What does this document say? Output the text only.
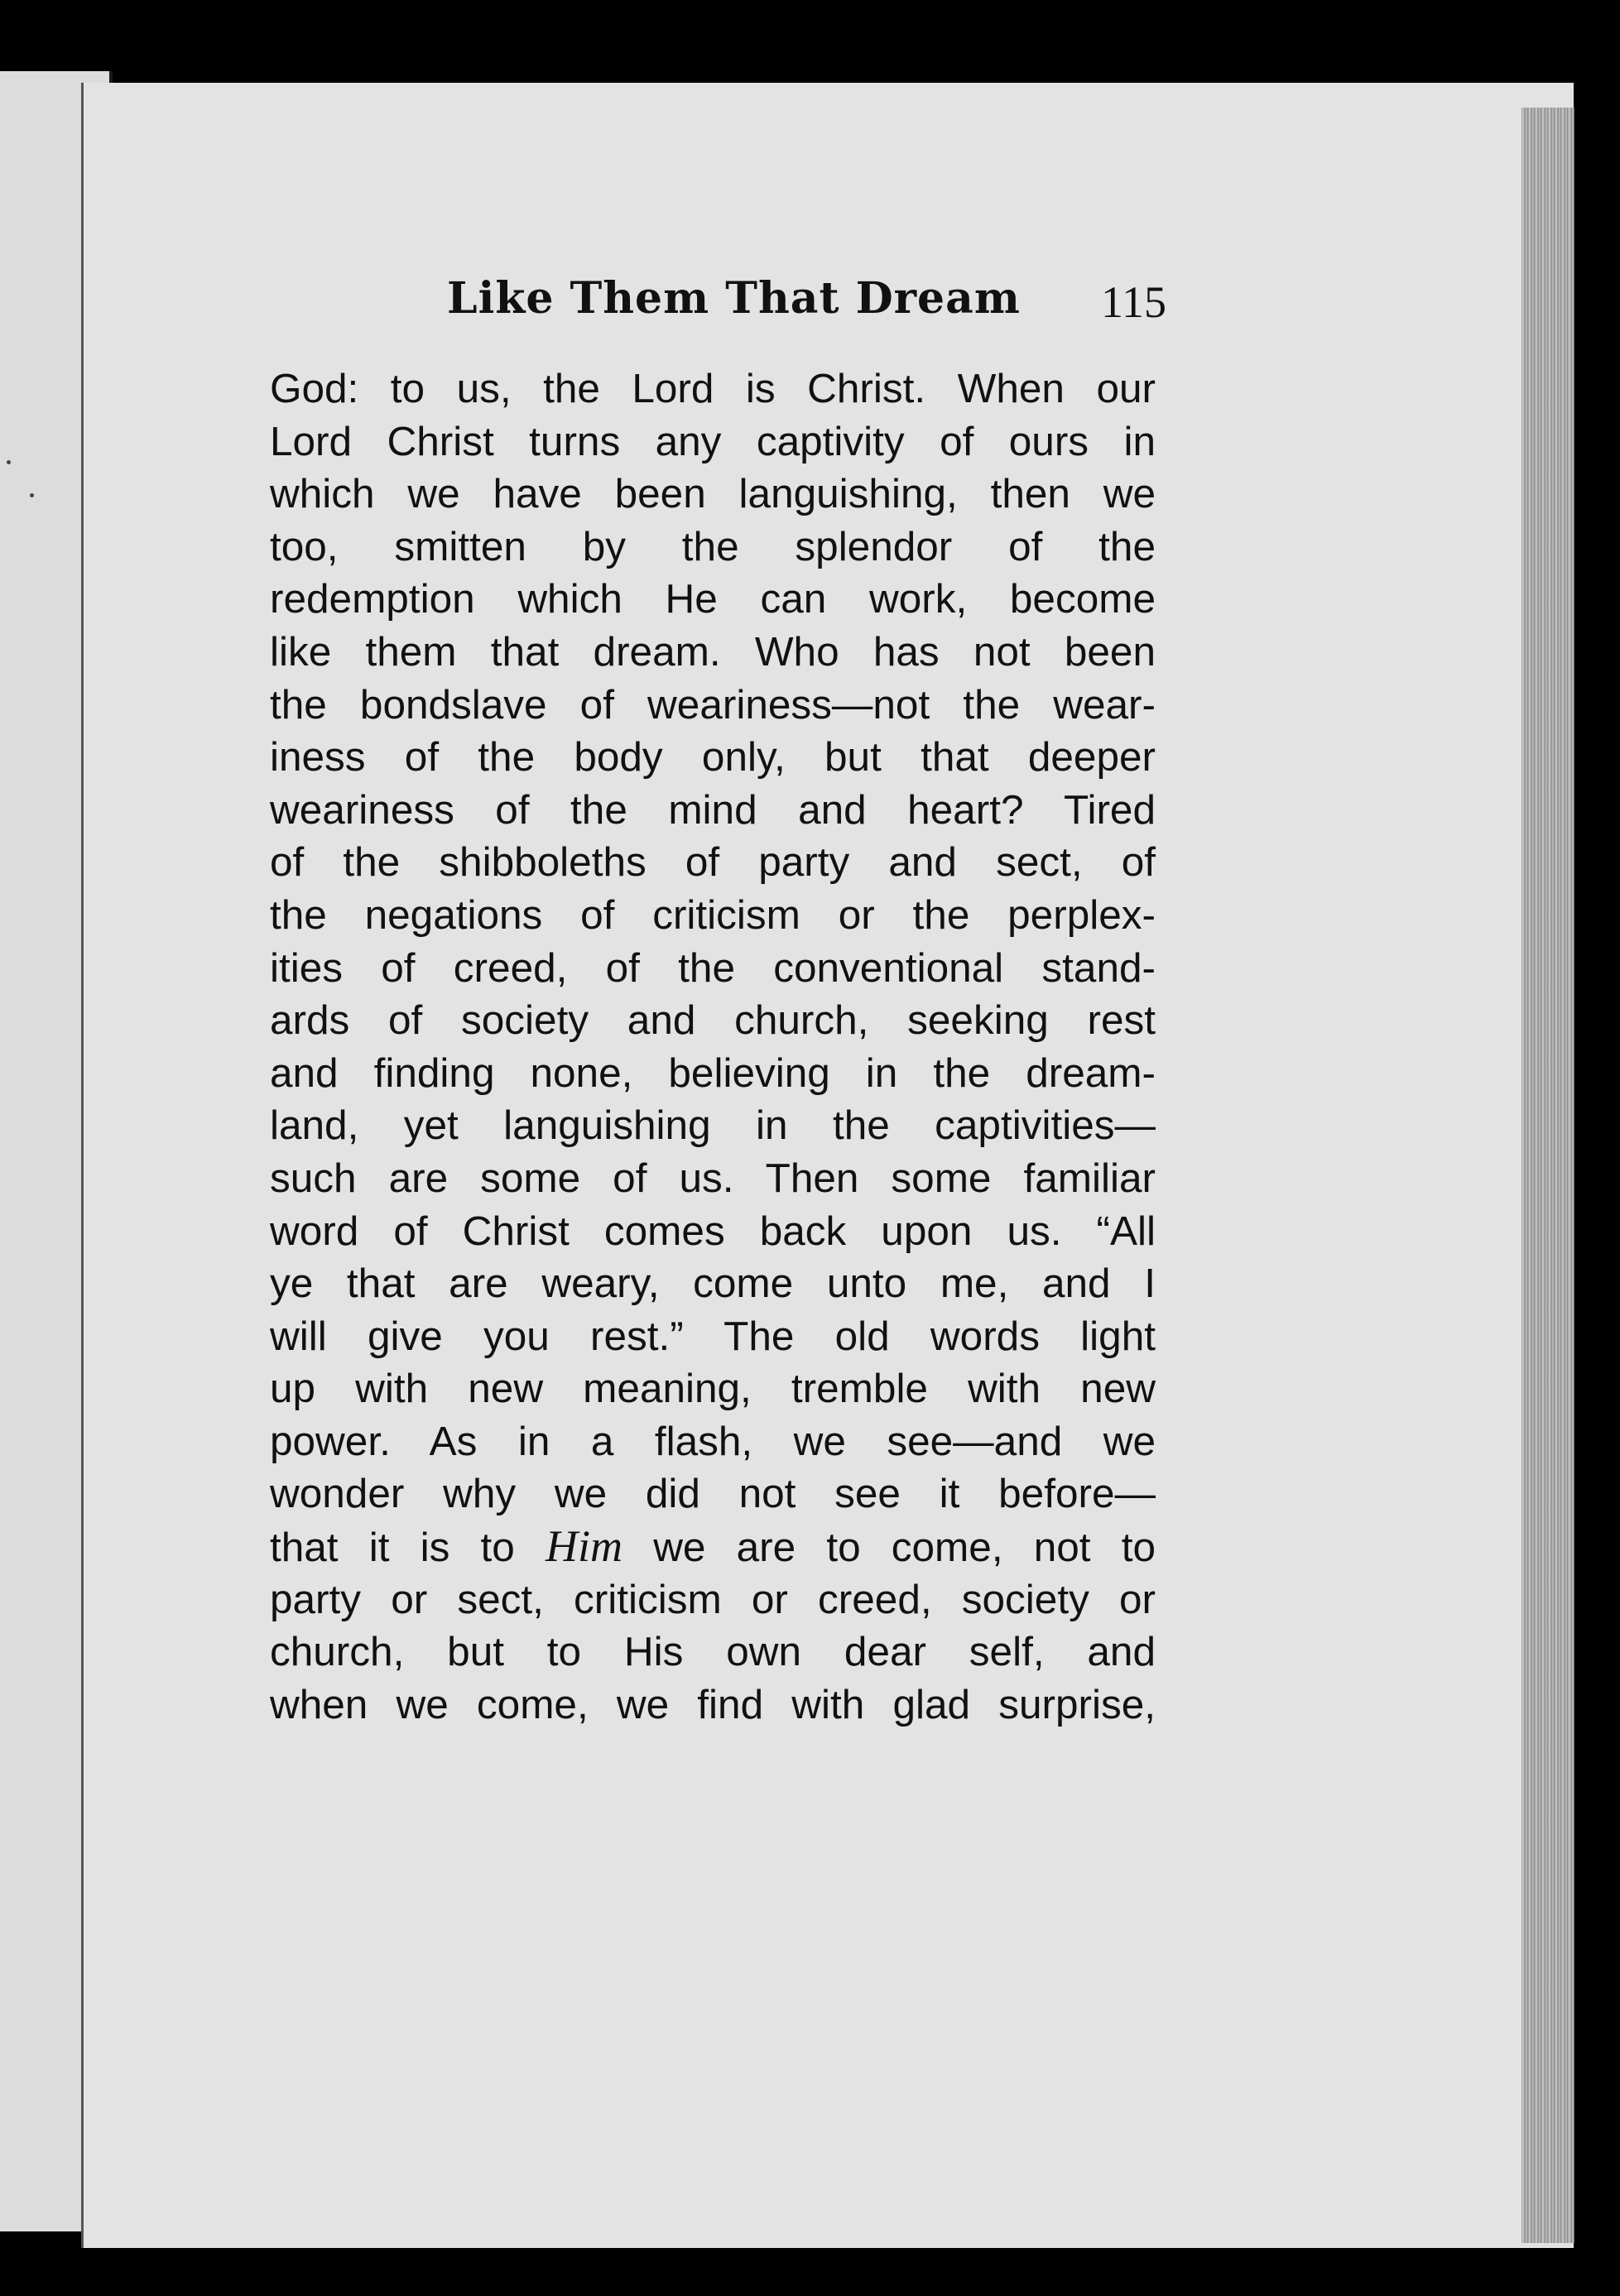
Like Them That Dream 115
God: to us, the Lord is Christ. When our
Lord Christ turns any captivity of ours in
which we have been languishing, then we
too, smitten by the splendor of the
redemption which He can work, become
like them that dream. Who has not been
the bondslave of weariness—not the wear-
iness of the body only, but that deeper
weariness of the mind and heart? Tired
of the shibboleths of party and sect, of
the negations of criticism or the perplex-
ities of creed, of the conventional stand-
ards of society and church, seeking rest
and finding none, believing in the dream-
land, yet languishing in the captivities—
such are some of us. Then some familiar
word of Christ comes back upon us. “All
ye that are weary, come unto me, and I
will give you rest.” The old words light
up with new meaning, tremble with new
power. As in a flash, we see—and we
wonder why we did not see it before—
that it is to Him we are to come, not to
party or sect, criticism or creed, society or
church, but to His own dear self, and
when we come, we find with glad surprise,
